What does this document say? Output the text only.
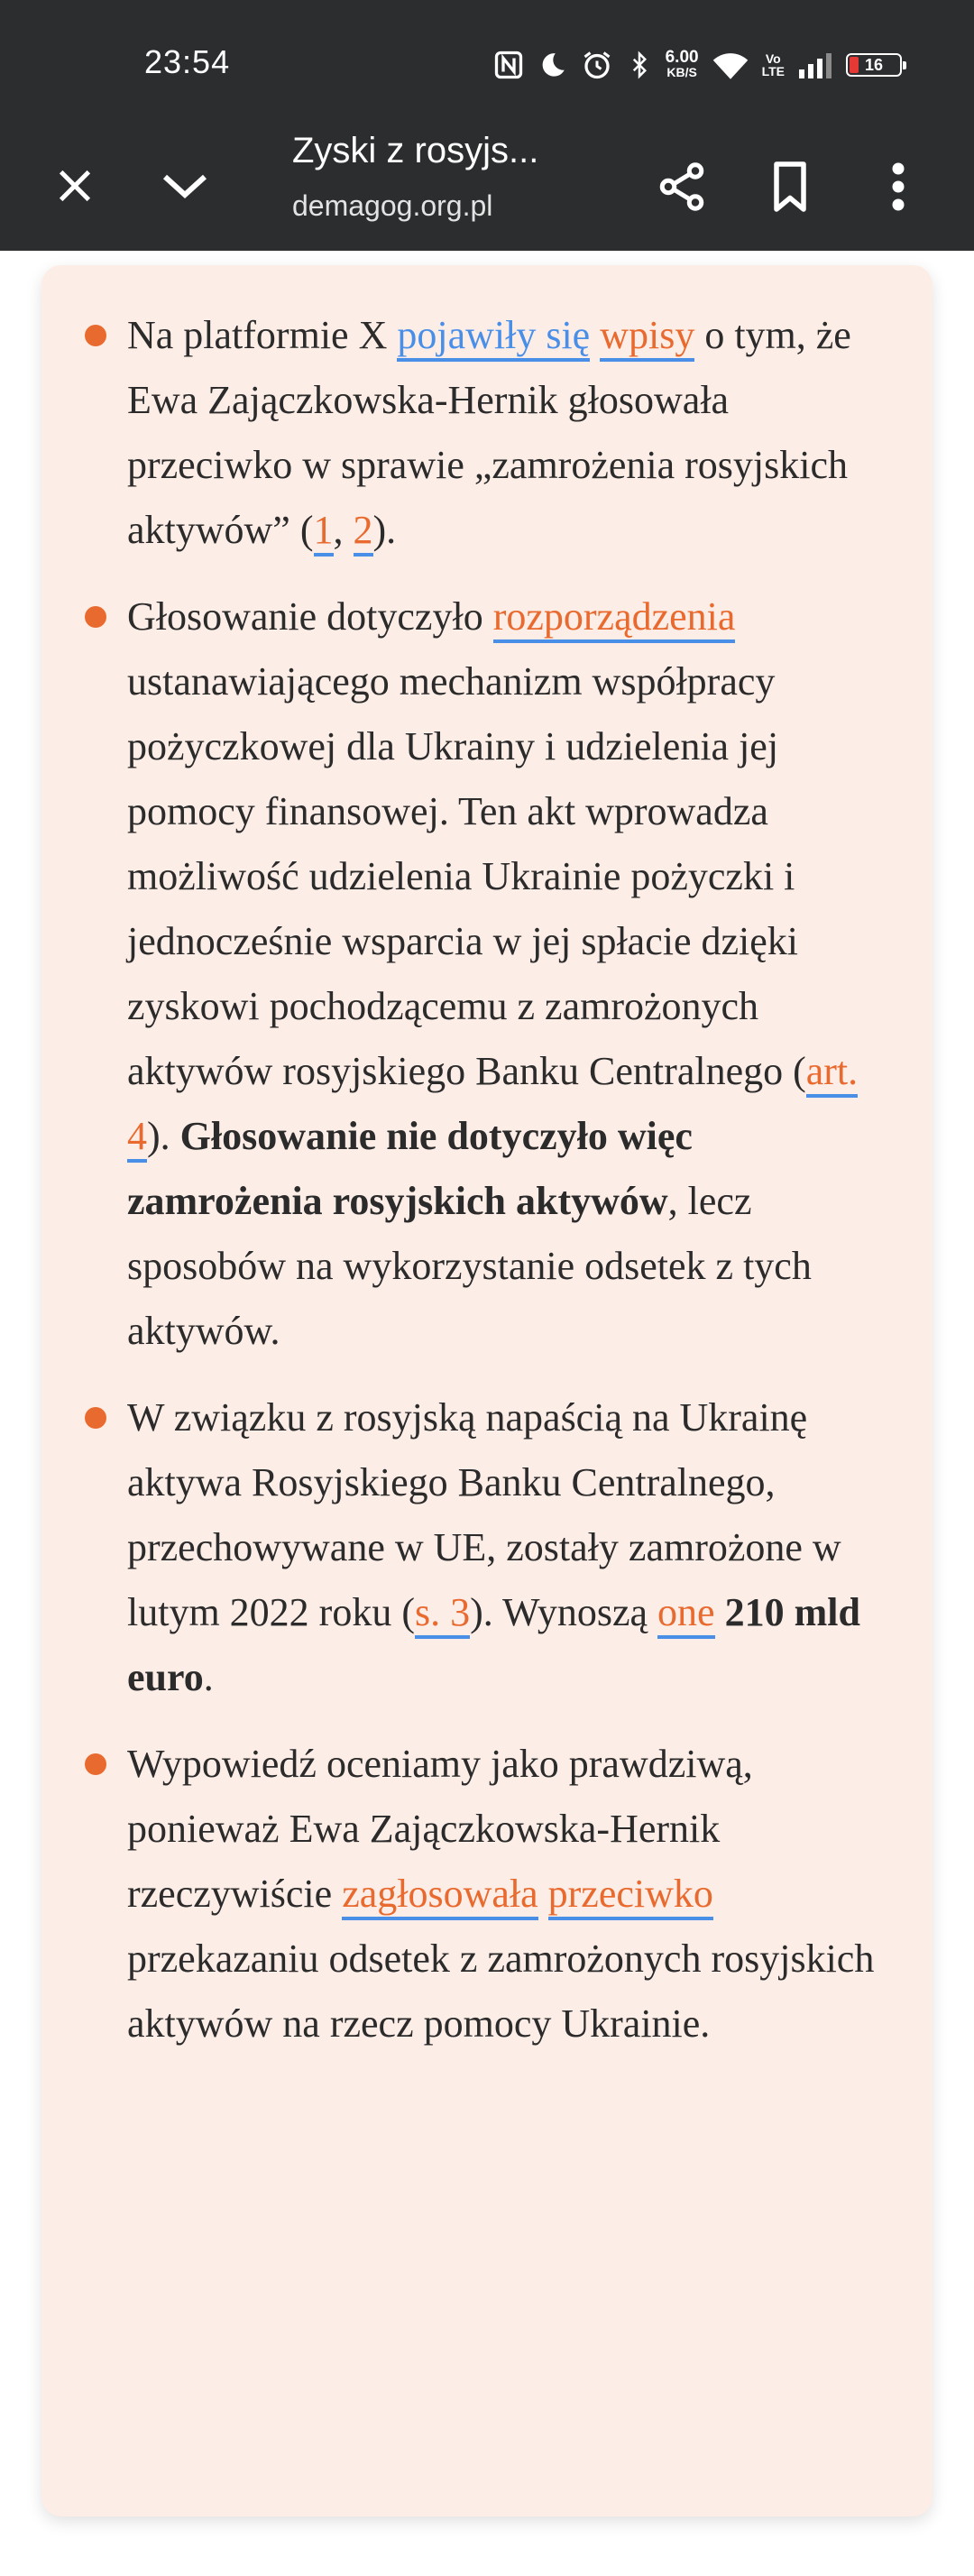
23:54	6.00
KB/S
Vo
LTE	16
Zyski z rosyjs...
demagog.org.pl
Na platformie X pojawiły się wpisy o tym, że Ewa Zajączkowska-Hernik głosowała przeciwko w sprawie „zamrożenia rosyjskich aktywów” (1, 2).
Głosowanie dotyczyło rozporządzenia ustanawiającego mechanizm współpracy pożyczkowej dla Ukrainy i udzielenia jej pomocy finansowej. Ten akt wprowadza możliwość udzielenia Ukrainie pożyczki i jednocześnie wsparcia w jej spłacie dzięki zyskowi pochodzącemu z zamrożonych aktywów rosyjskiego Banku Centralnego (art. 4). Głosowanie nie dotyczyło więc zamrożenia rosyjskich aktywów, lecz sposobów na wykorzystanie odsetek z tych aktywów.
W związku z rosyjską napaścią na Ukrainę aktywa Rosyjskiego Banku Centralnego, przechowywane w UE, zostały zamrożone w lutym 2022 roku (s. 3). Wynoszą one 210 mld euro.
Wypowiedź oceniamy jako prawdziwą, ponieważ Ewa Zajączkowska-Hernik rzeczywiście zagłosowała przeciwko przekazaniu odsetek z zamrożonych rosyjskich aktywów na rzecz pomocy Ukrainie.
